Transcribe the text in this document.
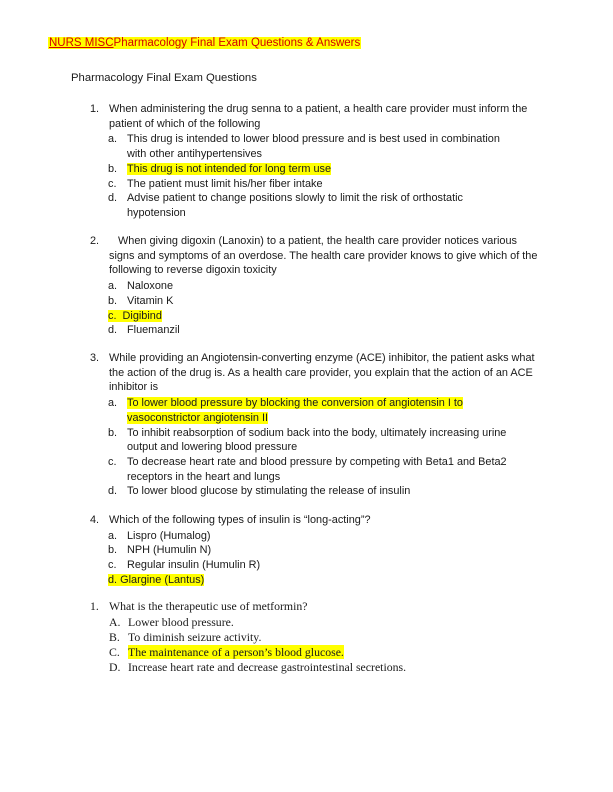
NURS MISCPharmacology Final Exam Questions & Answers
Pharmacology Final Exam Questions
1. When administering the drug senna to a patient, a health care provider must inform the patient of which of the following
a. This drug is intended to lower blood pressure and is best used in combination with other antihypertensives
b. This drug is not intended for long term use
c. The patient must limit his/her fiber intake
d. Advise patient to change positions slowly to limit the risk of orthostatic hypotension
2.	When giving digoxin (Lanoxin) to a patient, the health care provider notices various signs and symptoms of an overdose. The health care provider knows to give which of the following to reverse digoxin toxicity
a. Naloxone
b. Vitamin K
c. Digibind
d. Fluemanzil
3. While providing an Angiotensin-converting enzyme (ACE) inhibitor, the patient asks what the action of the drug is. As a health care provider, you explain that the action of an ACE inhibitor is
a. To lower blood pressure by blocking the conversion of angiotensin I to vasoconstrictor angiotensin II
b. To inhibit reabsorption of sodium back into the body, ultimately increasing urine output and lowering blood pressure
c. To decrease heart rate and blood pressure by competing with Beta1 and Beta2 receptors in the heart and lungs
d. To lower blood glucose by stimulating the release of insulin
4. Which of the following types of insulin is “long-acting”?
a. Lispro (Humalog)
b. NPH (Humulin N)
c. Regular insulin (Humulin R)
d. Glargine (Lantus)
1. What is the therapeutic use of metformin?
A. Lower blood pressure.
B. To diminish seizure activity.
C. The maintenance of a person’s blood glucose.
D. Increase heart rate and decrease gastrointestinal secretions.
